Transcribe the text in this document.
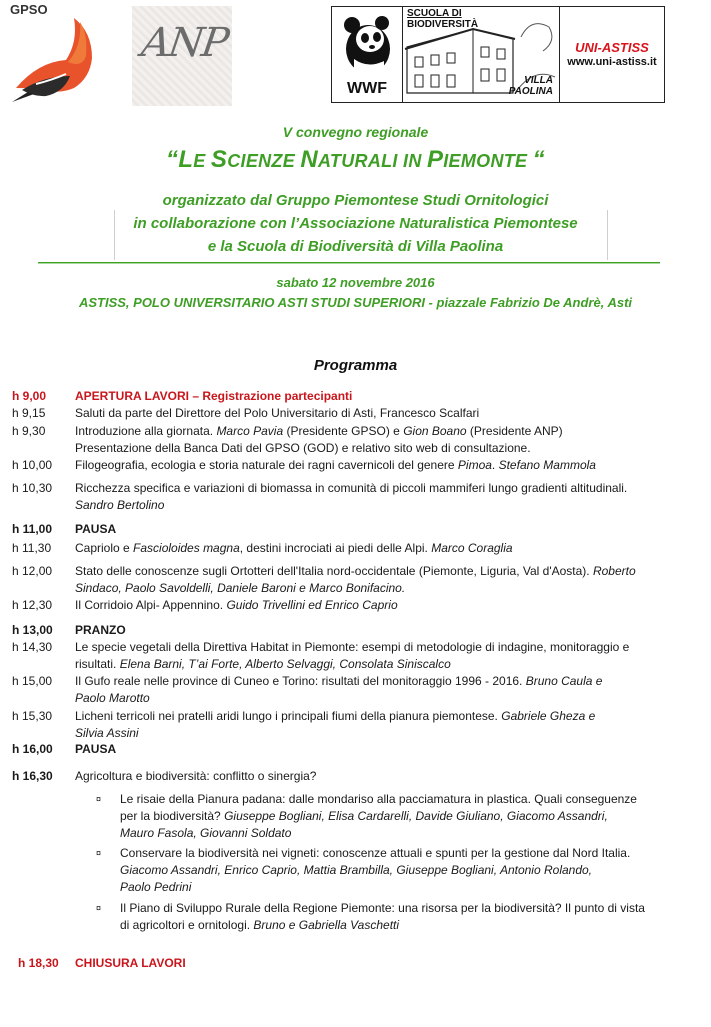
GPSO
ANP
WWF
SCUOLA DI
BIODIVERSITÀ
VILLA
PAOLINA
UNI-ASTISS
www.uni-astiss.it

V convegno regionale

“LE SCIENZE NATURALI IN PIEMONTE “

organizzato dal Gruppo Piemontese Studi Ornitologici

in collaborazione con l’Associazione Naturalistica Piemontese

e la Scuola di Biodiversità di Villa Paolina

sabato 12 novembre 2016

ASTISS, POLO UNIVERSITARIO ASTI STUDI SUPERIORI - piazzale Fabrizio De Andrè, Asti

Programma

h 9,00	APERTURA LAVORI – Registrazione partecipanti
h 9,15	Saluti da parte del Direttore del Polo Universitario di Asti, Francesco Scalfari
h 9,30	Introduzione alla giornata. Marco Pavia (Presidente GPSO) e Gion Boano (Presidente ANP)
Presentazione della Banca Dati del GPSO (GOD) e relativo sito web di consultazione.
h 10,00	Filogeografia, ecologia e storia naturale dei ragni cavernicoli del genere Pimoa. Stefano Mammola
h 10,30	Ricchezza specifica e variazioni di biomassa in comunità di piccoli mammiferi lungo gradienti altitudinali.
Sandro Bertolino
h 11,00	PAUSA
h 11,30	Capriolo e Fascioloides magna, destini incrociati ai piedi delle Alpi. Marco Coraglia
h 12,00	Stato delle conoscenze sugli Ortotteri dell'Italia nord-occidentale (Piemonte, Liguria, Val d'Aosta). Roberto
Sindaco, Paolo Savoldelli, Daniele Baroni e Marco Bonifacino.
h 12,30	Il Corridoio Alpi- Appennino. Guido Trivellini ed Enrico Caprio
h 13,00	PRANZO
h 14,30	Le specie vegetali della Direttiva Habitat in Piemonte: esempi di metodologie di indagine, monitoraggio e
risultati. Elena Barni, T’ai Forte, Alberto Selvaggi, Consolata Siniscalco
h 15,00	Il Gufo reale nelle province di Cuneo e Torino: risultati del monitoraggio 1996 - 2016. Bruno Caula e
Paolo Marotto
h 15,30	Licheni terricoli nei pratelli aridi lungo i principali fiumi della pianura piemontese. Gabriele Gheza e
Silvia Assini
h 16,00	PAUSA
h 16,30	Agricoltura e biodiversità: conflitto o sinergia?
¤ Le risaie della Pianura padana: dalle mondariso alla pacciamatura in plastica. Quali conseguenze
per la biodiversità? Giuseppe Bogliani, Elisa Cardarelli, Davide Giuliano, Giacomo Assandri,
Mauro Fasola, Giovanni Soldato
¤ Conservare la biodiversità nei vigneti: conoscenze attuali e spunti per la gestione dal Nord Italia.
Giacomo Assandri, Enrico Caprio, Mattia Brambilla, Giuseppe Bogliani, Antonio Rolando,
Paolo Pedrini
¤ Il Piano di Sviluppo Rurale della Regione Piemonte: una risorsa per la biodiversità? Il punto di vista
di agricoltori e ornitologi. Bruno e Gabriella Vaschetti
h 18,30	CHIUSURA LAVORI
